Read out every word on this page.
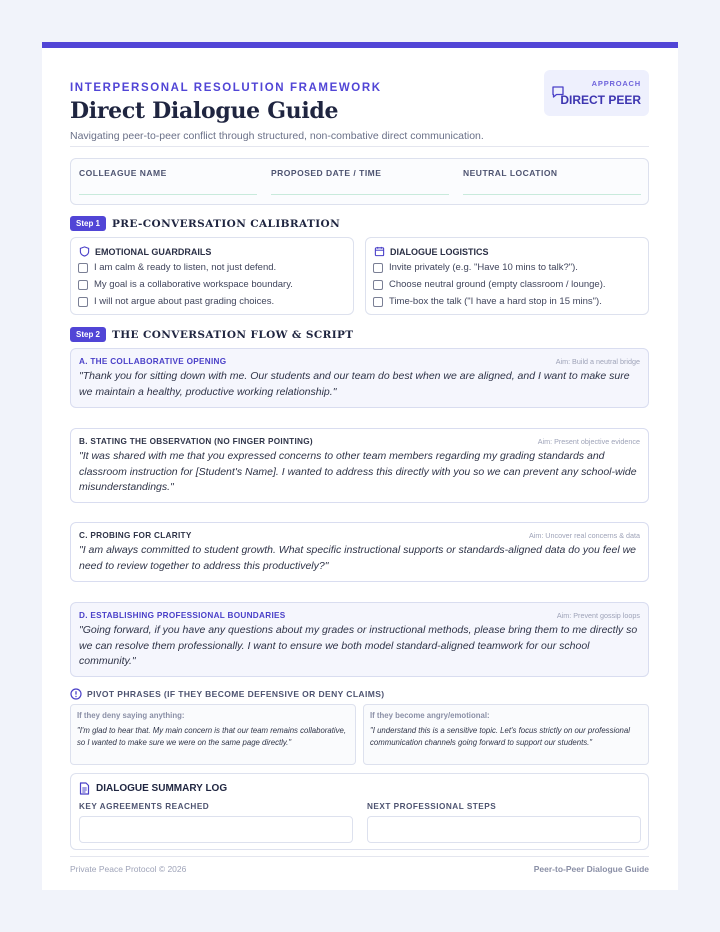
INTERPERSONAL RESOLUTION FRAMEWORK
Direct Dialogue Guide
Navigating peer-to-peer conflict through structured, non-combative direct communication.
APPROACH
DIRECT PEER
COLLEAGUE NAME	PROPOSED DATE / TIME	NEUTRAL LOCATION
Step 1	PRE-CONVERSATION CALIBRATION
EMOTIONAL GUARDRAILS
I am calm & ready to listen, not just defend.
My goal is a collaborative workspace boundary.
I will not argue about past grading choices.
DIALOGUE LOGISTICS
Invite privately (e.g. "Have 10 mins to talk?").
Choose neutral ground (empty classroom / lounge).
Time-box the talk ("I have a hard stop in 15 mins").
Step 2	THE CONVERSATION FLOW & SCRIPT
A. THE COLLABORATIVE OPENING	Aim: Build a neutral bridge
"Thank you for sitting down with me. Our students and our team do best when we are aligned, and I want to make sure we maintain a healthy, productive working relationship."
B. STATING THE OBSERVATION (NO FINGER POINTING)	Aim: Present objective evidence
"It was shared with me that you expressed concerns to other team members regarding my grading standards and classroom instruction for [Student's Name]. I wanted to address this directly with you so we can prevent any school-wide misunderstandings."
C. PROBING FOR CLARITY	Aim: Uncover real concerns & data
"I am always committed to student growth. What specific instructional supports or standards-aligned data do you feel we need to review together to address this productively?"
D. ESTABLISHING PROFESSIONAL BOUNDARIES	Aim: Prevent gossip loops
"Going forward, if you have any questions about my grades or instructional methods, please bring them to me directly so we can resolve them professionally. I want to ensure we both model standard-aligned teamwork for our school community."
PIVOT PHRASES (IF THEY BECOME DEFENSIVE OR DENY CLAIMS)
If they deny saying anything:
"I'm glad to hear that. My main concern is that our team remains collaborative, so I wanted to make sure we were on the same page directly."
If they become angry/emotional:
"I understand this is a sensitive topic. Let's focus strictly on our professional communication channels going forward to support our students."
DIALOGUE SUMMARY LOG
KEY AGREEMENTS REACHED	NEXT PROFESSIONAL STEPS
Private Peace Protocol © 2026	Peer-to-Peer Dialogue Guide
